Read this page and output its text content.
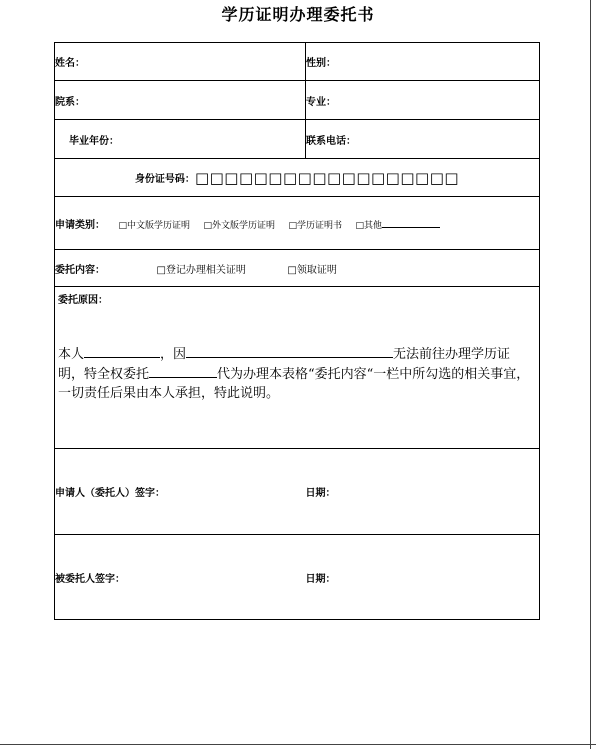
学历证明办理委托书
姓名：	性别：
院系：	专业：
毕业年份：	联系电话：
身份证号码：□□□□□□□□□□□□□□□□□□	
申请类别： □中文版学历证明 □外文版学历证明 □学历证明书 □其他	
委托内容： □登记办理相关证明 □领取证明	

委托原因：
本人 ，因 无法前往办理学历证明，特全权委托 代为办理本表格“委托内容“一栏中所勾选的相关事宜，一切责任后果由本人承担，特此说明。	

申请人（委托人）签字：	日期：
被委托人签字：	日期：
